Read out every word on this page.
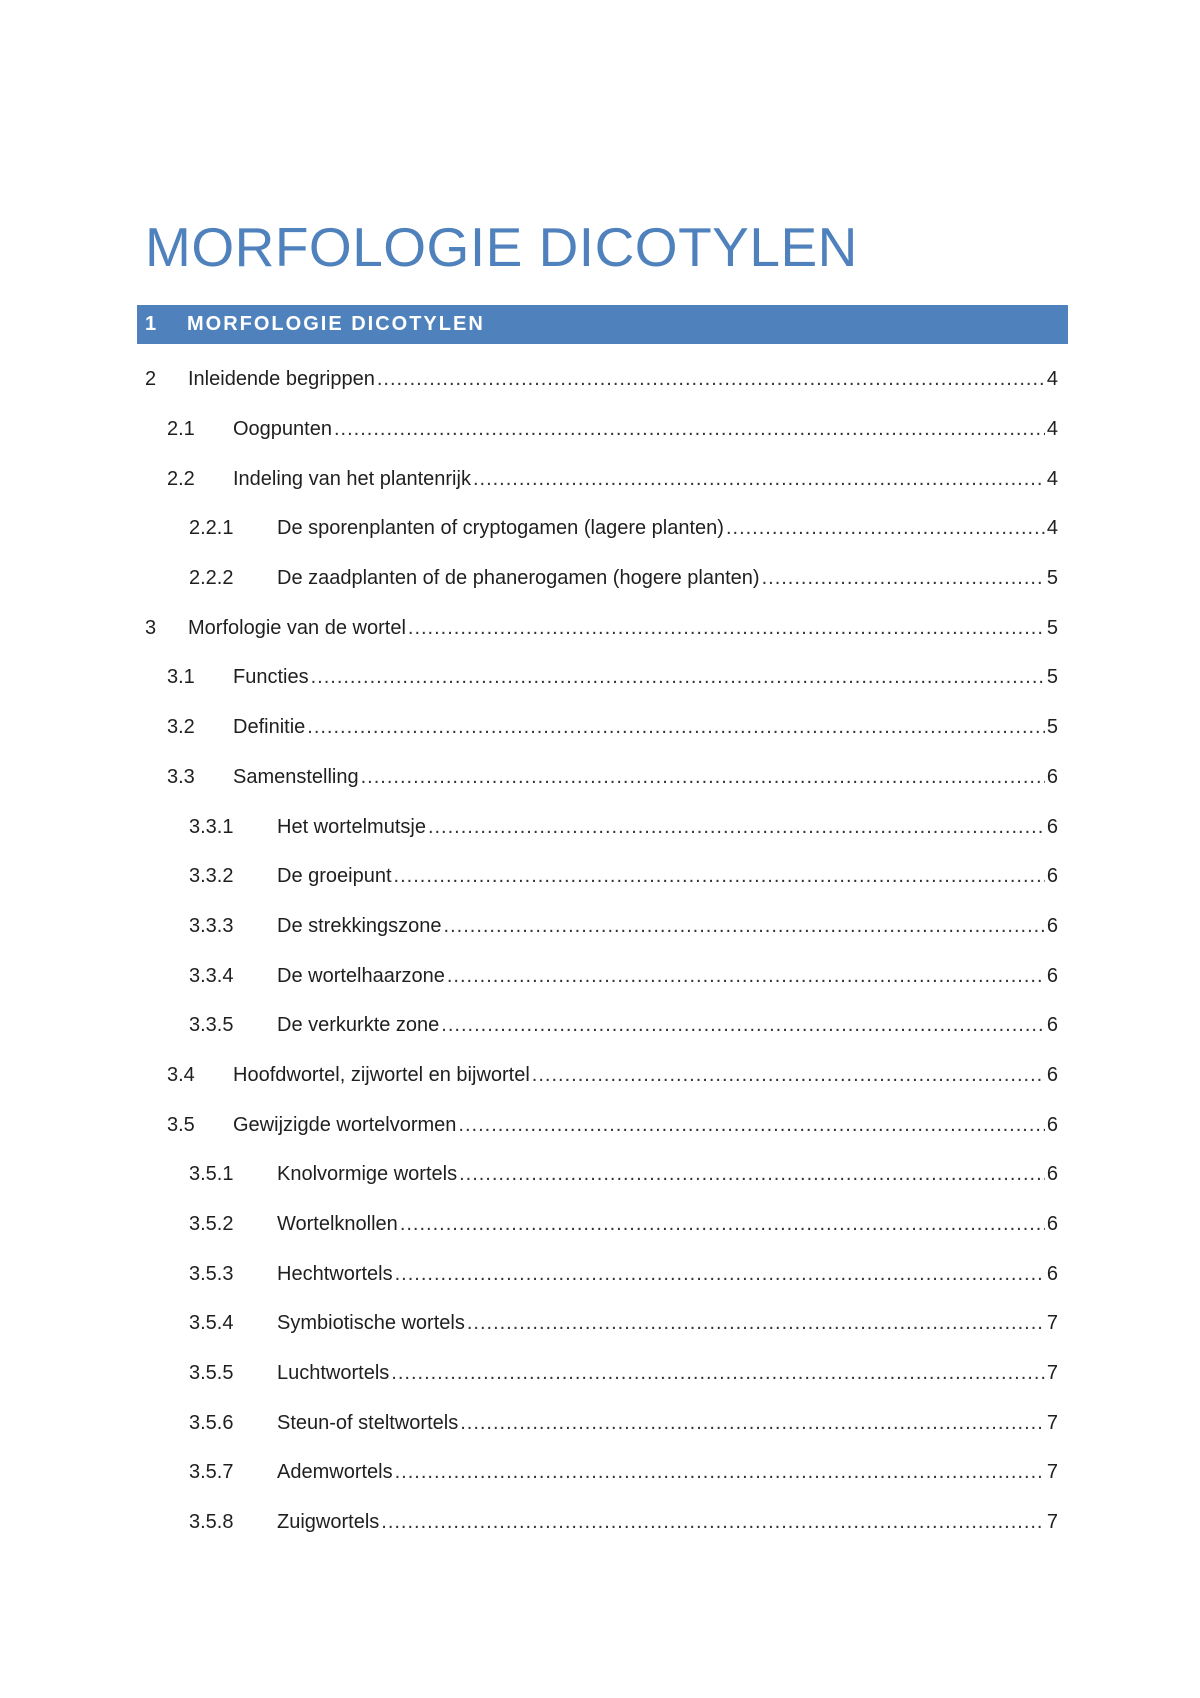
MORFOLOGIE DICOTYLEN
1 MORFOLOGIE DICOTYLEN
2 Inleidende begrippen .....	4
2.1 Oogpunten .....	4
2.2 Indeling van het plantenrijk .....	4
2.2.1 De sporenplanten of cryptogamen (lagere planten) .....	4
2.2.2 De zaadplanten of de phanerogamen (hogere planten) .....	5
3 Morfologie van de wortel .....	5
3.1 Functies .....	5
3.2 Definitie .....	5
3.3 Samenstelling .....	6
3.3.1 Het wortelmutsje .....	6
3.3.2 De groeipunt .....	6
3.3.3 De strekkingszone .....	6
3.3.4 De wortelhaarzone .....	6
3.3.5 De verkurkte zone .....	6
3.4 Hoofdwortel, zijwortel en bijwortel .....	6
3.5 Gewijzigde wortelvormen .....	6
3.5.1 Knolvormige wortels .....	6
3.5.2 Wortelknollen .....	6
3.5.3 Hechtwortels .....	6
3.5.4 Symbiotische wortels .....	7
3.5.5 Luchtwortels .....	7
3.5.6 Steun-of steltwortels .....	7
3.5.7 Ademwortels .....	7
3.5.8 Zuigwortels .....	7
